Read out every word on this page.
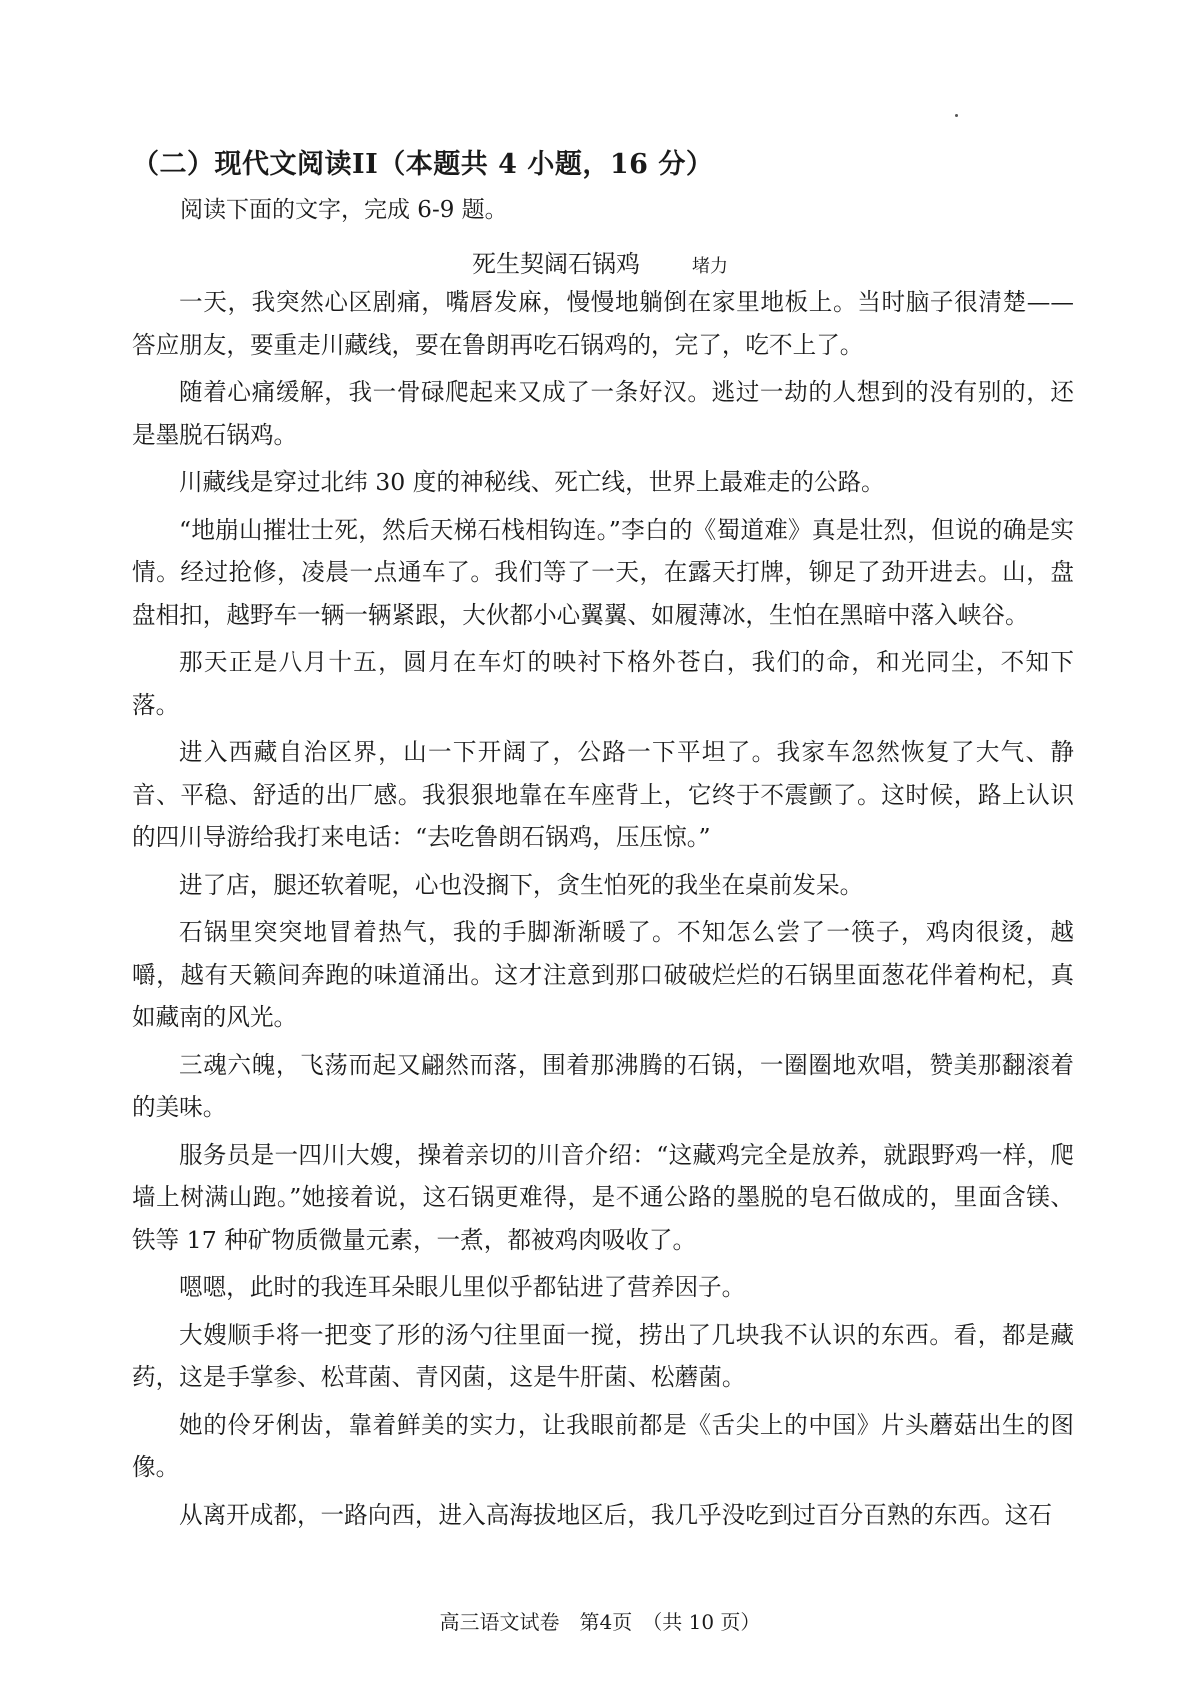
（二）现代文阅读II（本题共 4 小题，16 分）
阅读下面的文字，完成 6-9 题。
死生契阔石锅鸡	堵力

一天，我突然心区剧痛，嘴唇发麻，慢慢地躺倒在家里地板上。当时脑子很清楚——答应朋友，要重走川藏线，要在鲁朗再吃石锅鸡的，完了，吃不上了。

随着心痛缓解，我一骨碌爬起来又成了一条好汉。逃过一劫的人想到的没有别的，还是墨脱石锅鸡。

川藏线是穿过北纬 30 度的神秘线、死亡线，世界上最难走的公路。

“地崩山摧壮士死，然后天梯石栈相钩连。”李白的《蜀道难》真是壮烈，但说的确是实情。经过抢修，凌晨一点通车了。我们等了一天，在露天打牌，铆足了劲开进去。山，盘盘相扣，越野车一辆一辆紧跟，大伙都小心翼翼、如履薄冰，生怕在黑暗中落入峡谷。

那天正是八月十五，圆月在车灯的映衬下格外苍白，我们的命，和光同尘，不知下落。

进入西藏自治区界，山一下开阔了，公路一下平坦了。我家车忽然恢复了大气、静音、平稳、舒适的出厂感。我狠狠地靠在车座背上，它终于不震颤了。这时候，路上认识的四川导游给我打来电话：“去吃鲁朗石锅鸡，压压惊。”

进了店，腿还软着呢，心也没搁下，贪生怕死的我坐在桌前发呆。

石锅里突突地冒着热气，我的手脚渐渐暖了。不知怎么尝了一筷子，鸡肉很烫，越嚼，越有天籁间奔跑的味道涌出。这才注意到那口破破烂烂的石锅里面葱花伴着枸杞，真如藏南的风光。

三魂六魄，飞荡而起又翩然而落，围着那沸腾的石锅，一圈圈地欢唱，赞美那翻滚着的美味。

服务员是一四川大嫂，操着亲切的川音介绍：“这藏鸡完全是放养，就跟野鸡一样，爬墙上树满山跑。”她接着说，这石锅更难得，是不通公路的墨脱的皂石做成的，里面含镁、铁等 17 种矿物质微量元素，一煮，都被鸡肉吸收了。

嗯嗯，此时的我连耳朵眼儿里似乎都钻进了营养因子。

大嫂顺手将一把变了形的汤勺往里面一搅，捞出了几块我不认识的东西。看，都是藏药，这是手掌参、松茸菌、青冈菌，这是牛肝菌、松蘑菌。

她的伶牙俐齿，靠着鲜美的实力，让我眼前都是《舌尖上的中国》片头蘑菇出生的图像。

从离开成都，一路向西，进入高海拔地区后，我几乎没吃到过百分百熟的东西。这石

高三语文试卷　第4页　（共 10 页）
